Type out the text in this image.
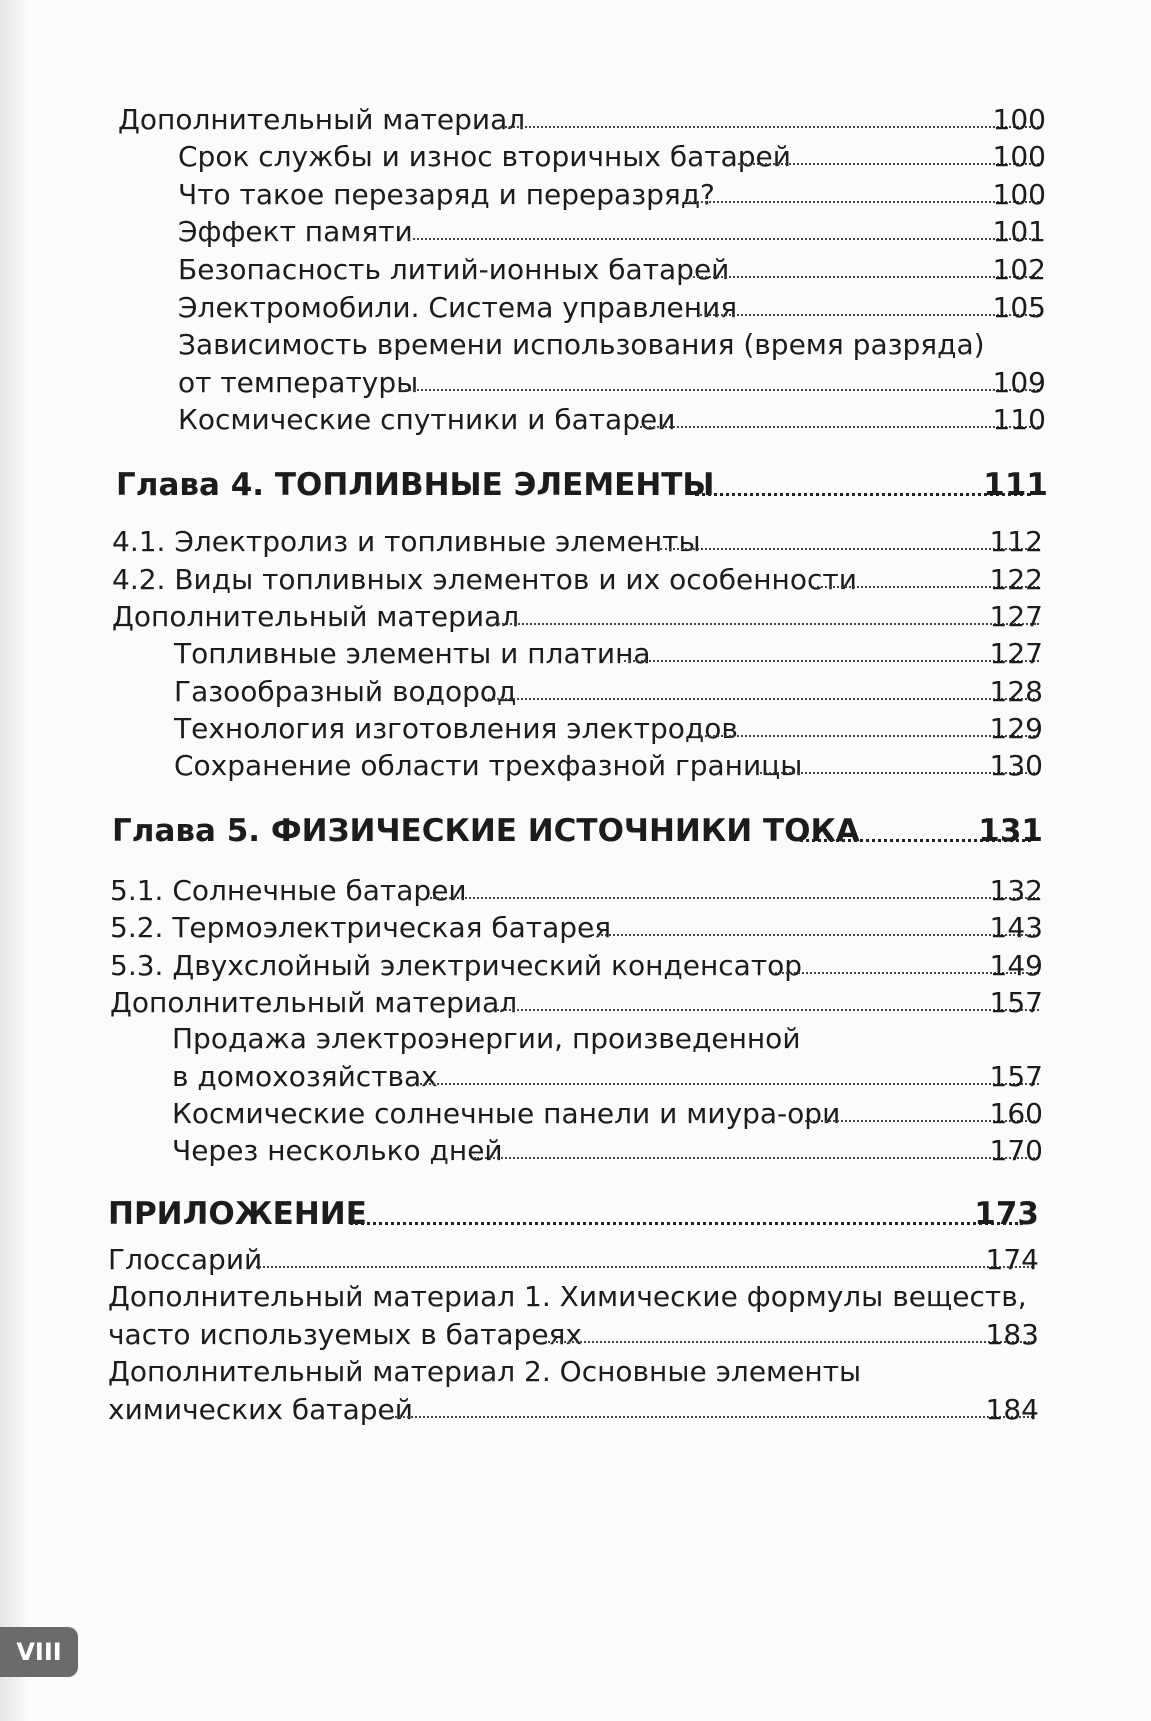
Дополнительный материал	100
Срок службы и износ вторичных батарей	100
Что такое перезаряд и переразряд?	100
Эффект памяти	101
Безопасность литий-ионных батарей	102
Электромобили. Система управления	105
Зависимость времени использования (время разряда)
от температуры	109
Космические спутники и батареи	110
Глава 4. ТОПЛИВНЫЕ ЭЛЕМЕНТЫ	111
4.1. Электролиз и топливные элементы	112
4.2. Виды топливных элементов и их особенности	122
Дополнительный материал	127
Топливные элементы и платина	127
Газообразный водород	128
Технология изготовления электродов	129
Сохранение области трехфазной границы	130
Глава 5. ФИЗИЧЕСКИЕ ИСТОЧНИКИ ТОКА	131
5.1. Солнечные батареи	132
5.2. Термоэлектрическая батарея	143
5.3. Двухслойный электрический конденсатор	149
Дополнительный материал	157
Продажа электроэнергии, произведенной
в домохозяйствах	157
Космические солнечные панели и миура-ори	160
Через несколько дней	170
ПРИЛОЖЕНИЕ	173
Глоссарий	174
Дополнительный материал 1. Химические формулы веществ,
часто используемых в батареях	183
Дополнительный материал 2. Основные элементы
химических батарей	184
VIII
